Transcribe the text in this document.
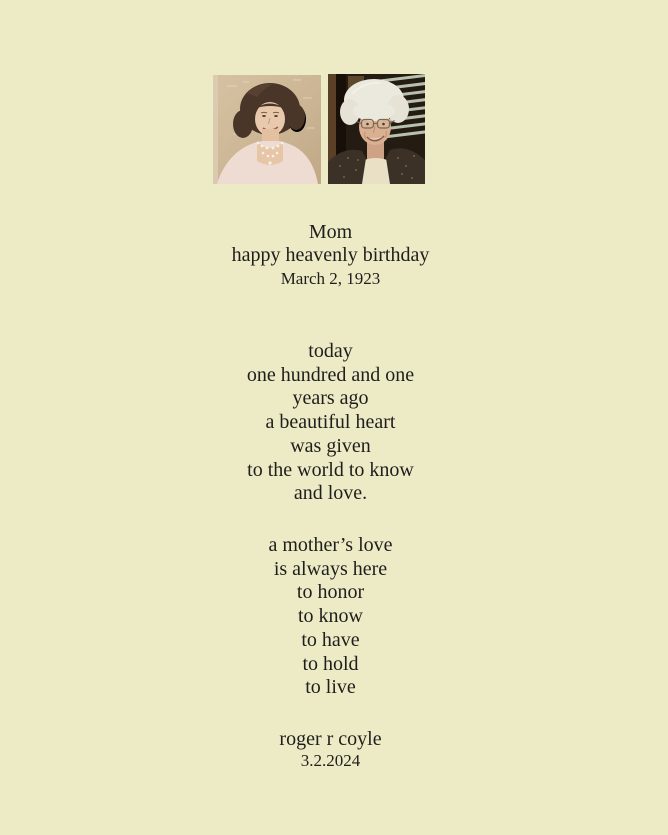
Mom
happy heavenly birthday
March 2, 1923
today
one hundred and one
years ago
a beautiful heart
was given
to the world to know
and love.
a mother’s love
is always here
to honor
to know
to have
to hold
to live
roger r coyle
3.2.2024
